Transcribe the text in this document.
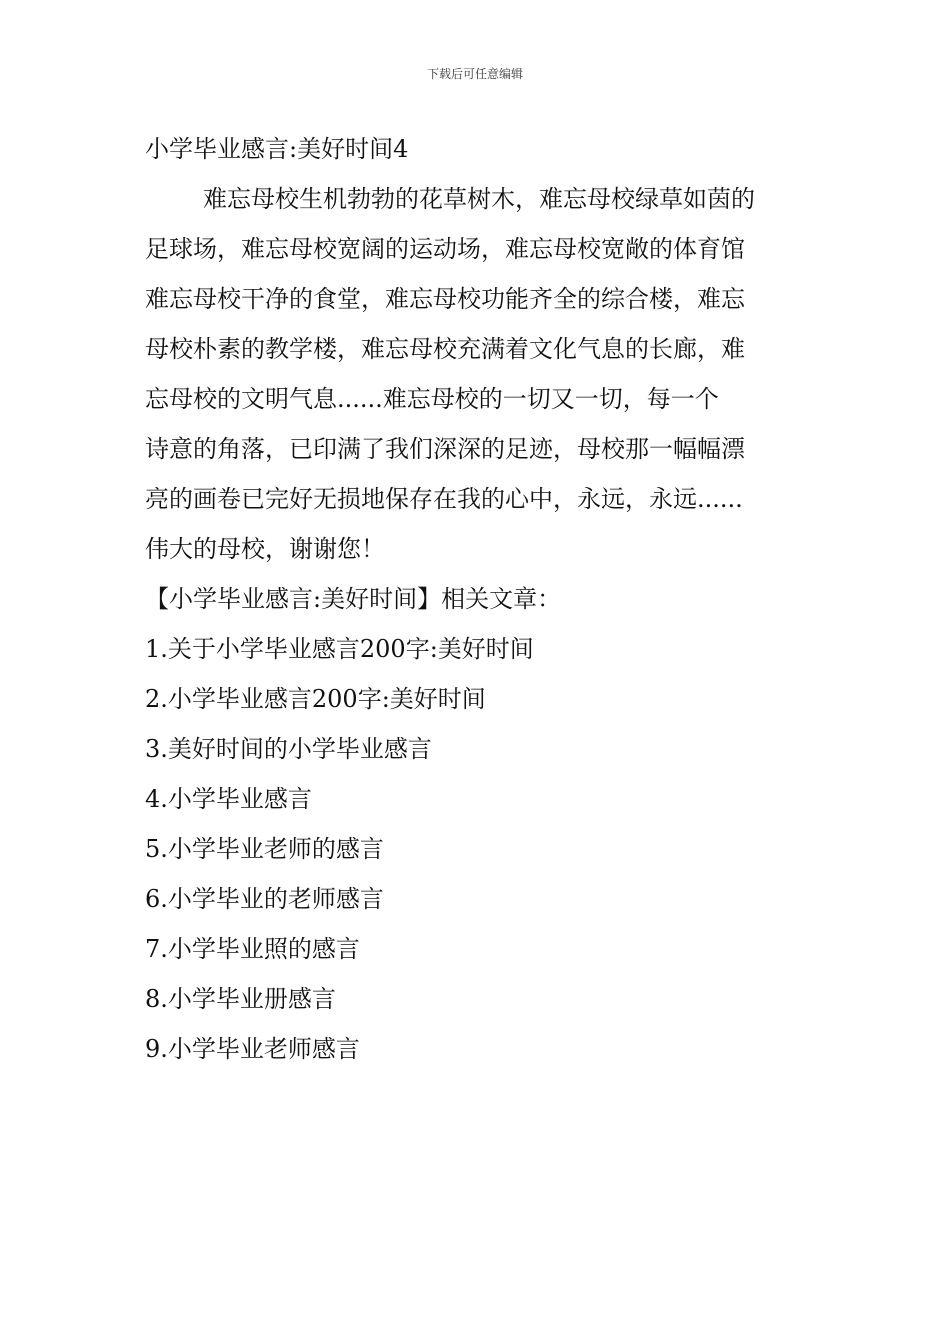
下载后可任意编辑
小学毕业感言:美好时间4
难忘母校生机勃勃的花草树木，难忘母校绿草如茵的
足球场，难忘母校宽阔的运动场，难忘母校宽敞的体育馆
难忘母校干净的食堂，难忘母校功能齐全的综合楼，难忘
母校朴素的教学楼，难忘母校充满着文化气息的长廊，难
忘母校的文明气息......难忘母校的一切又一切，每一个
诗意的角落，已印满了我们深深的足迹，母校那一幅幅漂
亮的画卷已完好无损地保存在我的心中，永远，永远......
伟大的母校，谢谢您！
【小学毕业感言:美好时间】相关文章：
1.关于小学毕业感言200字:美好时间
2.小学毕业感言200字:美好时间
3.美好时间的小学毕业感言
4.小学毕业感言
5.小学毕业老师的感言
6.小学毕业的老师感言
7.小学毕业照的感言
8.小学毕业册感言
9.小学毕业老师感言
